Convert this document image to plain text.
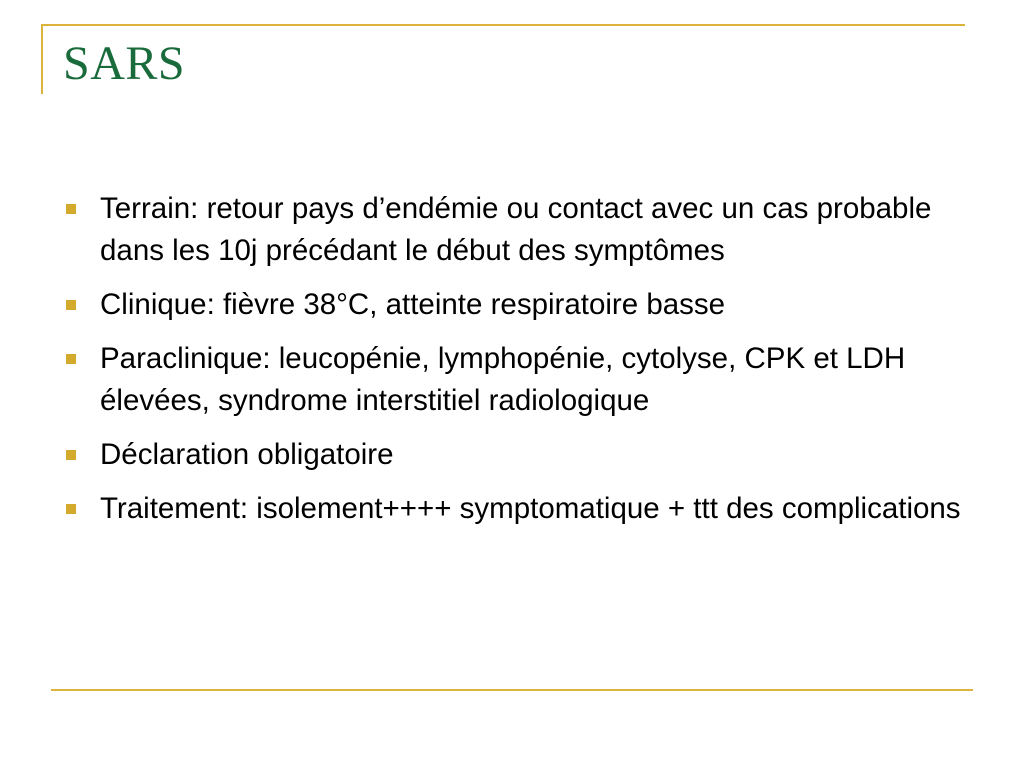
SARS
Terrain: retour pays d’endémie ou contact avec un cas probable dans les 10j précédant le début des symptômes
Clinique: fièvre 38°C, atteinte respiratoire basse
Paraclinique: leucopénie, lymphopénie, cytolyse, CPK et LDH élevées, syndrome interstitiel radiologique
Déclaration obligatoire
Traitement: isolement++++ symptomatique + ttt des complications
